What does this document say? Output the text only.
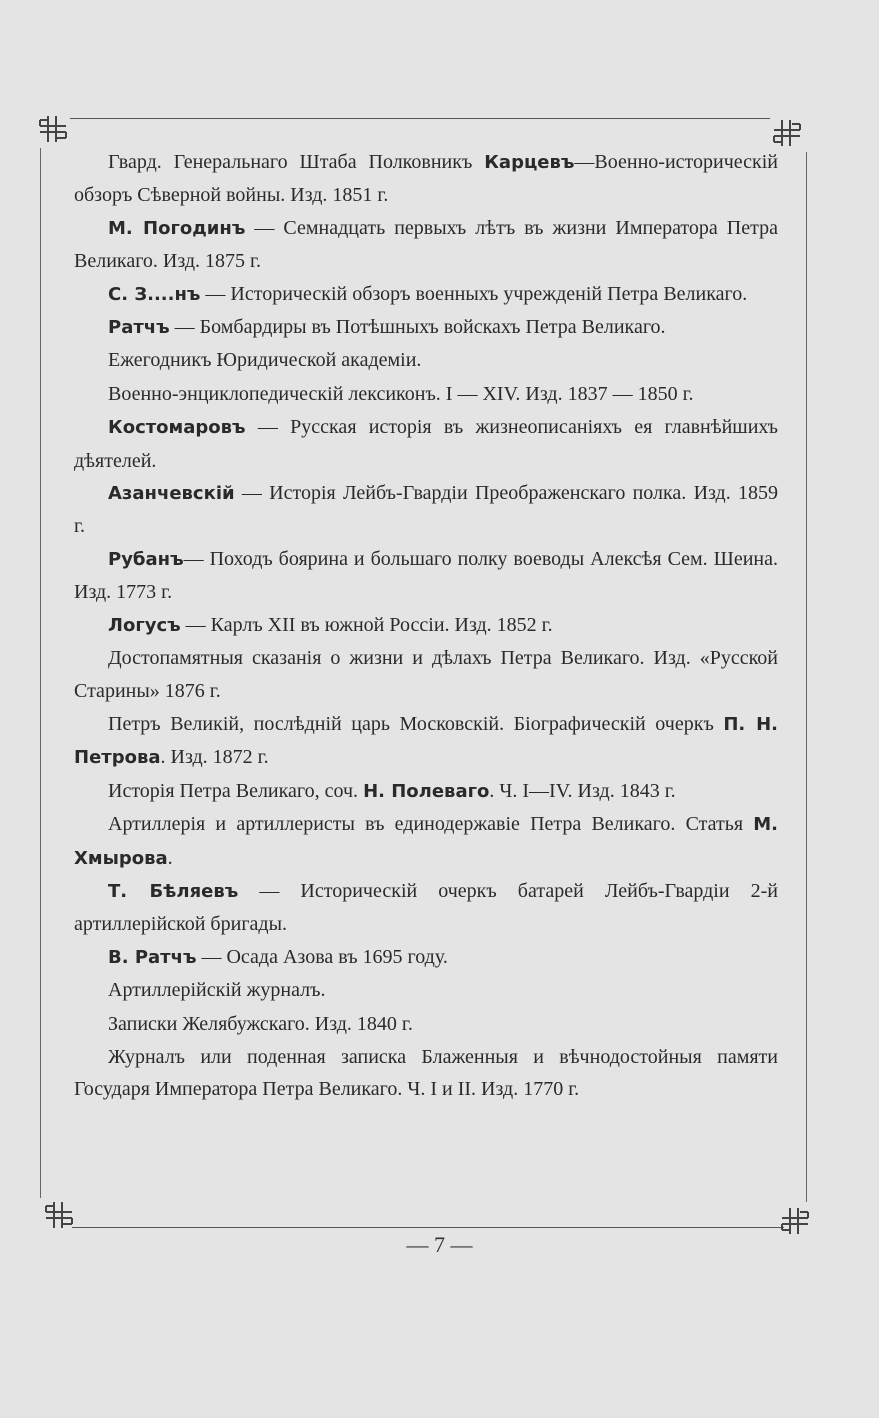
Гвард. Генеральнаго Штаба Полковникъ Карцевъ—Военно-историческій обзоръ Сѣверной войны. Изд. 1851 г.

М. Погодинъ — Семнадцать первыхъ лѣтъ въ жизни Императора Петра Великаго. Изд. 1875 г.

С. З....нъ — Историческій обзоръ военныхъ учрежденій Петра Великаго.

Ратчъ — Бомбардиры въ Потѣшныхъ войскахъ Петра Великаго.

Ежегодникъ Юридической академіи.

Военно-энциклопедическій лексиконъ. I — XIV. Изд. 1837 — 1850 г.

Костомаровъ — Русская исторія въ жизнеописаніяхъ ея главнѣйшихъ дѣятелей.

Азанчевскій — Исторія Лейбъ-Гвардіи Преображенскаго полка. Изд. 1859 г.

Рубанъ— Походъ боярина и большаго полку воеводы Алексѣя Сем. Шеина. Изд. 1773 г.

Логусъ — Карлъ XII въ южной Россіи. Изд. 1852 г.

Достопамятныя сказанія о жизни и дѣлахъ Петра Великаго. Изд. «Русской Старины» 1876 г.

Петръ Великій, послѣдній царь Московскій. Біографическій очеркъ П. Н. Петрова. Изд. 1872 г.

Исторія Петра Великаго, соч. Н. Полеваго. Ч. I—IV. Изд. 1843 г.

Артиллерія и артиллеристы въ единодержавіе Петра Великаго. Статья М. Хмырова.

Т. Бѣляевъ — Историческій очеркъ батарей Лейбъ-Гвардіи 2-й артиллерійской бригады.

В. Ратчъ — Осада Азова въ 1695 году.

Артиллерійскій журналъ.

Записки Желябужскаго. Изд. 1840 г.

Журналъ или поденная записка Блаженныя и вѣчнодостойныя памяти Государя Императора Петра Великаго. Ч. I и II. Изд. 1770 г.

— 7 —
